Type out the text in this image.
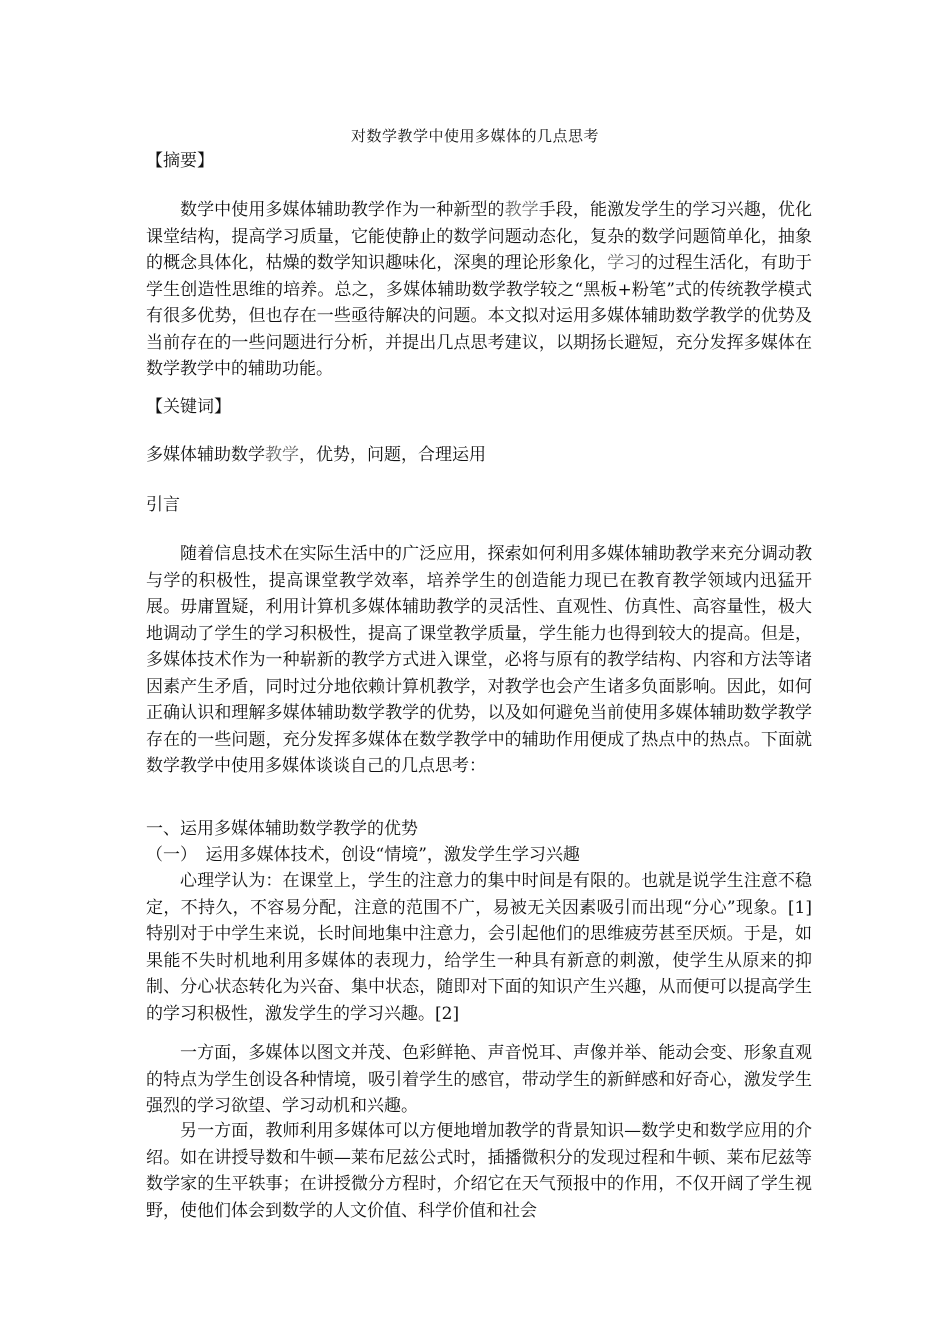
对数学教学中使用多媒体的几点思考
【摘要】
数学中使用多媒体辅助教学作为一种新型的教学手段，能激发学生的学习兴趣，优化课堂结构，提高学习质量，它能使静止的数学问题动态化，复杂的数学问题简单化，抽象的概念具体化，枯燥的数学知识趣味化，深奥的理论形象化，学习的过程生活化，有助于学生创造性思维的培养。总之，多媒体辅助数学教学较之“黑板+粉笔”式的传统教学模式有很多优势，但也存在一些亟待解决的问题。本文拟对运用多媒体辅助数学教学的优势及当前存在的一些问题进行分析，并提出几点思考建议，以期扬长避短，充分发挥多媒体在数学教学中的辅助功能。
【关键词】
多媒体辅助数学教学，优势，问题，合理运用
引言
随着信息技术在实际生活中的广泛应用，探索如何利用多媒体辅助教学来充分调动教与学的积极性，提高课堂教学效率，培养学生的创造能力现已在教育教学领域内迅猛开展。毋庸置疑，利用计算机多媒体辅助教学的灵活性、直观性、仿真性、高容量性，极大地调动了学生的学习积极性，提高了课堂教学质量，学生能力也得到较大的提高。但是，多媒体技术作为一种崭新的教学方式进入课堂，必将与原有的教学结构、内容和方法等诸因素产生矛盾，同时过分地依赖计算机教学，对教学也会产生诸多负面影响。因此，如何正确认识和理解多媒体辅助数学教学的优势，以及如何避免当前使用多媒体辅助数学教学存在的一些问题，充分发挥多媒体在数学教学中的辅助作用便成了热点中的热点。下面就数学教学中使用多媒体谈谈自己的几点思考：
一、运用多媒体辅助数学教学的优势
（一）　运用多媒体技术，创设“情境”，激发学生学习兴趣
心理学认为：在课堂上，学生的注意力的集中时间是有限的。也就是说学生注意不稳定，不持久，不容易分配，注意的范围不广，易被无关因素吸引而出现“分心”现象。[1]特别对于中学生来说，长时间地集中注意力，会引起他们的思维疲劳甚至厌烦。于是，如果能不失时机地利用多媒体的表现力，给学生一种具有新意的刺激，使学生从原来的抑制、分心状态转化为兴奋、集中状态，随即对下面的知识产生兴趣，从而便可以提高学生的学习积极性，激发学生的学习兴趣。[2]
一方面，多媒体以图文并茂、色彩鲜艳、声音悦耳、声像并举、能动会变、形象直观的特点为学生创设各种情境，吸引着学生的感官，带动学生的新鲜感和好奇心，激发学生强烈的学习欲望、学习动机和兴趣。
另一方面，教师利用多媒体可以方便地增加教学的背景知识—数学史和数学应用的介绍。如在讲授导数和牛顿—莱布尼兹公式时，插播微积分的发现过程和牛顿、莱布尼兹等数学家的生平轶事；在讲授微分方程时，介绍它在天气预报中的作用，不仅开阔了学生视野，使他们体会到数学的人文价值、科学价值和社会
